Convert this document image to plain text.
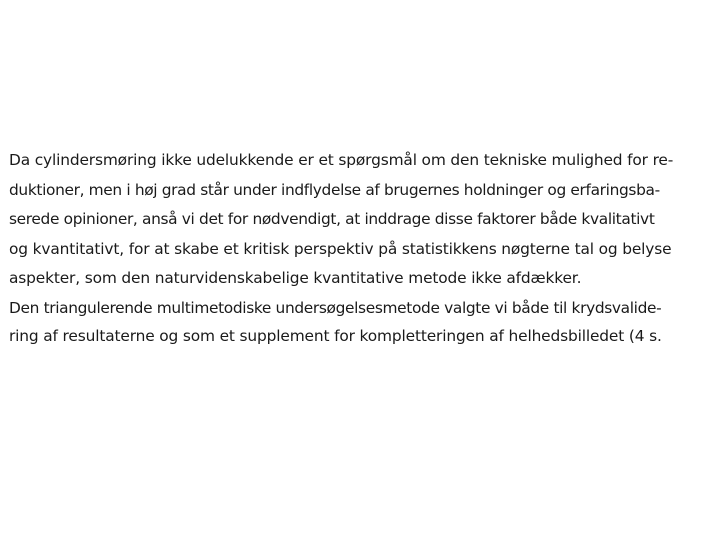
Da cylindersmøring ikke udelukkende er et spørgsmål om den tekniske mulighed for re-
duktioner, men i høj grad står under indflydelse af brugernes holdninger og erfaringsba-
serede opinioner, anså vi det for nødvendigt, at inddrage disse faktorer både kvalitativt
og kvantitativt, for at skabe et kritisk perspektiv på statistikkens nøgterne tal og belyse
aspekter, som den naturvidenskabelige kvantitative metode ikke afdækker.
Den triangulerende multimetodiske undersøgelsesmetode valgte vi både til krydsvalide-
ring af resultaterne og som et supplement for kompletteringen af helhedsbilledet (4 s.
